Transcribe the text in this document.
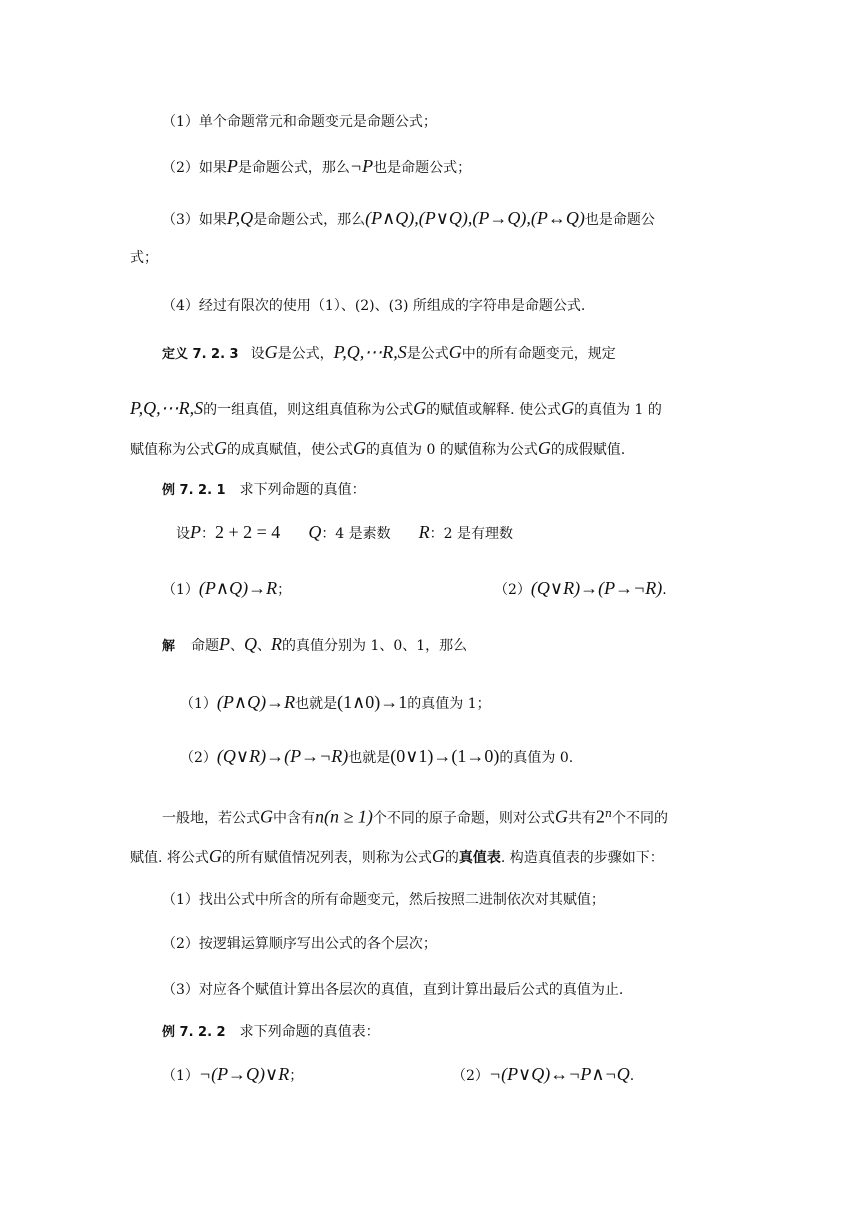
（1）单个命题常元和命题变元是命题公式；
（2）如果P是命题公式，那么¬P也是命题公式；
（3）如果P,Q是命题公式，那么(P∧Q),(P∨Q),(P→Q),(P↔Q)也是命题公
式；
（4）经过有限次的使用（1）、(2)、(3) 所组成的字符串是命题公式.
定义 7. 2. 3 设G是公式，P,Q,⋯R,S是公式G中的所有命题变元，规定
P,Q,⋯R,S的一组真值，则这组真值称为公式G的赋值或解释. 使公式G的真值为 1 的
赋值称为公式G的成真赋值，使公式G的真值为 0 的赋值称为公式G的成假赋值.
例 7. 2. 1 求下列命题的真值：
设P：2 + 2 = 4 Q：4 是素数 R：2 是有理数
（1）(P∧Q)→R；	（2）(Q∨R)→(P→¬R).
解 命题P、Q、R的真值分别为 1、0、1，那么
（1）(P∧Q)→R也就是(1∧0)→1的真值为 1；
（2）(Q∨R)→(P→¬R)也就是(0∨1)→(1→0)的真值为 0.
一般地，若公式G中含有n(n ≥ 1)个不同的原子命题，则对公式G共有2$^n$个不同的
赋值. 将公式G的所有赋值情况列表，则称为公式G的真值表. 构造真值表的步骤如下：
（1）找出公式中所含的所有命题变元，然后按照二进制依次对其赋值；
（2）按逻辑运算顺序写出公式的各个层次；
（3）对应各个赋值计算出各层次的真值，直到计算出最后公式的真值为止.
例 7. 2. 2 求下列命题的真值表：
（1）¬(P→Q)∨R；	（2）¬(P∨Q)↔¬P∧¬Q.
